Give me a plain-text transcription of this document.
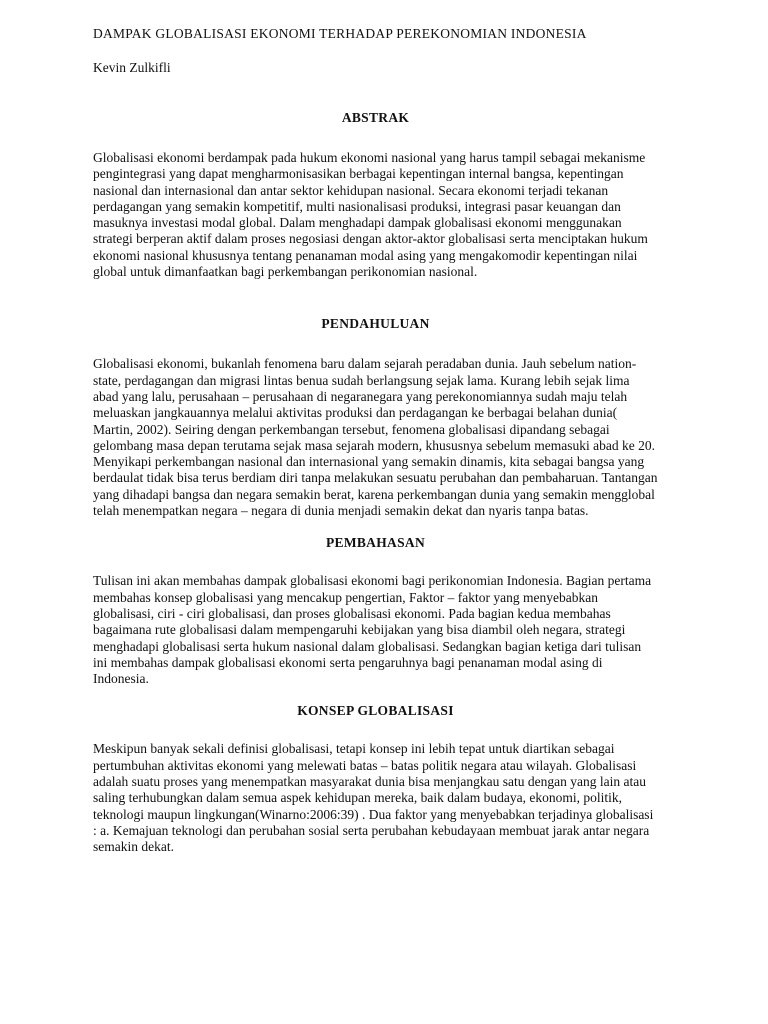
DAMPAK GLOBALISASI EKONOMI TERHADAP PEREKONOMIAN INDONESIA

Kevin Zulkifli

ABSTRAK

Globalisasi ekonomi berdampak pada hukum ekonomi nasional yang harus tampil sebagai mekanisme pengintegrasi yang dapat mengharmonisasikan berbagai kepentingan internal bangsa, kepentingan nasional dan internasional dan antar sektor kehidupan nasional. Secara ekonomi terjadi tekanan perdagangan yang semakin kompetitif, multi nasionalisasi produksi, integrasi pasar keuangan dan masuknya investasi modal global. Dalam menghadapi dampak globalisasi ekonomi menggunakan strategi berperan aktif dalam proses negosiasi dengan aktor-aktor globalisasi serta menciptakan hukum ekonomi nasional khususnya tentang penanaman modal asing yang mengakomodir kepentingan nilai global untuk dimanfaatkan bagi perkembangan perikonomian nasional.

PENDAHULUAN

Globalisasi ekonomi, bukanlah fenomena baru dalam sejarah peradaban dunia. Jauh sebelum nation-state, perdagangan dan migrasi lintas benua sudah berlangsung sejak lama. Kurang lebih sejak lima abad yang lalu, perusahaan – perusahaan di negaranegara yang perekonomiannya sudah maju telah meluaskan jangkauannya melalui aktivitas produksi dan perdagangan ke berbagai belahan dunia( Martin, 2002). Seiring dengan perkembangan tersebut, fenomena globalisasi dipandang sebagai gelombang masa depan terutama sejak masa sejarah modern, khususnya sebelum memasuki abad ke 20. Menyikapi perkembangan nasional dan internasional yang semakin dinamis, kita sebagai bangsa yang berdaulat tidak bisa terus berdiam diri tanpa melakukan sesuatu perubahan dan pembaharuan. Tantangan yang dihadapi bangsa dan negara semakin berat, karena perkembangan dunia yang semakin mengglobal telah menempatkan negara – negara di dunia menjadi semakin dekat dan nyaris tanpa batas.

PEMBAHASAN

Tulisan ini akan membahas dampak globalisasi ekonomi bagi perikonomian Indonesia. Bagian pertama membahas konsep globalisasi yang mencakup pengertian, Faktor – faktor yang menyebabkan globalisasi, ciri - ciri globalisasi, dan proses globalisasi ekonomi. Pada bagian kedua membahas bagaimana rute globalisasi dalam mempengaruhi kebijakan yang bisa diambil oleh negara, strategi menghadapi globalisasi serta hukum nasional dalam globalisasi. Sedangkan bagian ketiga dari tulisan ini membahas dampak globalisasi ekonomi serta pengaruhnya bagi penanaman modal asing di Indonesia.

KONSEP GLOBALISASI

Meskipun banyak sekali definisi globalisasi, tetapi konsep ini lebih tepat untuk diartikan sebagai pertumbuhan aktivitas ekonomi yang melewati batas – batas politik negara atau wilayah. Globalisasi adalah suatu proses yang menempatkan masyarakat dunia bisa menjangkau satu dengan yang lain atau saling terhubungkan dalam semua aspek kehidupan mereka, baik dalam budaya, ekonomi, politik, teknologi maupun lingkungan(Winarno:2006:39) . Dua faktor yang menyebabkan terjadinya globalisasi : a. Kemajuan teknologi dan perubahan sosial serta perubahan kebudayaan membuat jarak antar negara semakin dekat.
